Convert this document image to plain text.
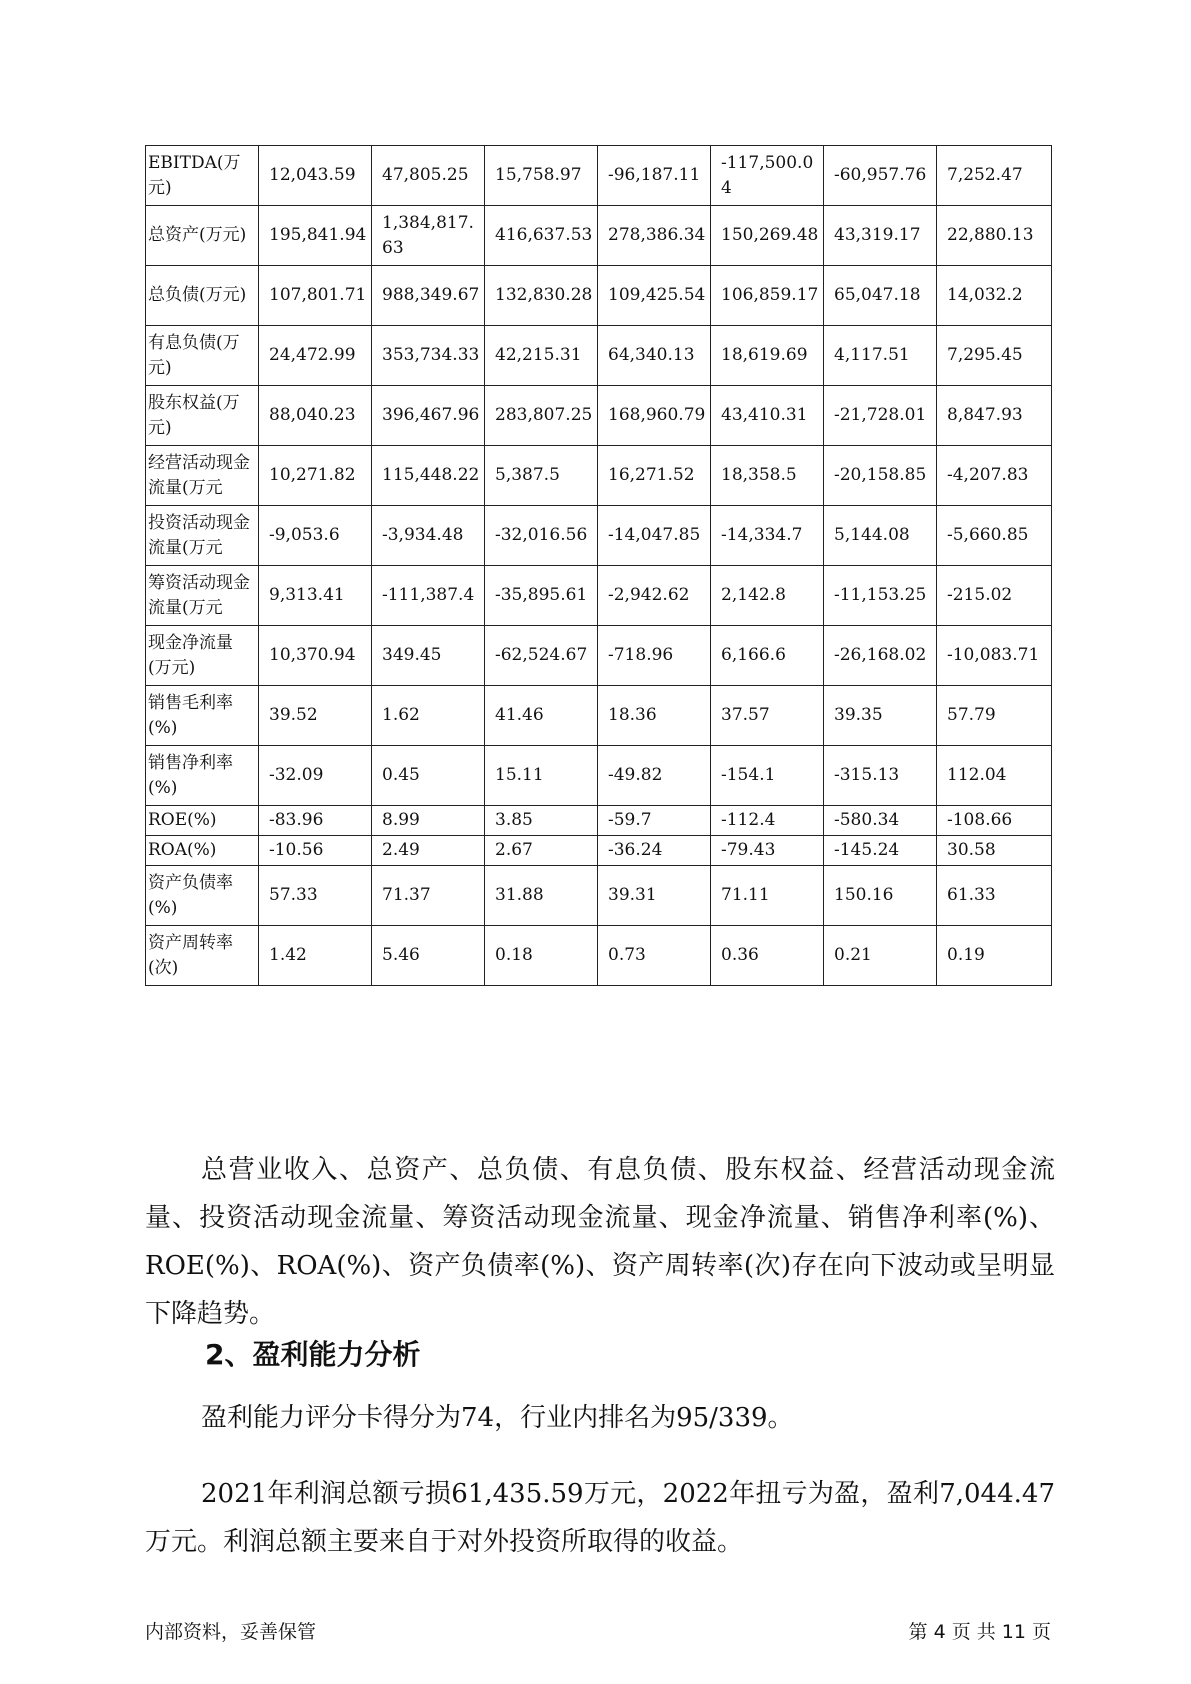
EBITDA(万元)	12,043.59	47,805.25	15,758.97	-96,187.11	-117,500.04	-60,957.76	7,252.47
总资产(万元)	195,841.94	1,384,817.63	416,637.53	278,386.34	150,269.48	43,319.17	22,880.13
总负债(万元)	107,801.71	988,349.67	132,830.28	109,425.54	106,859.17	65,047.18	14,032.2
有息负债(万元)	24,472.99	353,734.33	42,215.31	64,340.13	18,619.69	4,117.51	7,295.45
股东权益(万元)	88,040.23	396,467.96	283,807.25	168,960.79	43,410.31	-21,728.01	8,847.93
经营活动现金流量(万元	10,271.82	115,448.22	5,387.5	16,271.52	18,358.5	-20,158.85	-4,207.83
投资活动现金流量(万元	-9,053.6	-3,934.48	-32,016.56	-14,047.85	-14,334.7	5,144.08	-5,660.85
筹资活动现金流量(万元	9,313.41	-111,387.4	-35,895.61	-2,942.62	2,142.8	-11,153.25	-215.02
现金净流量(万元)	10,370.94	349.45	-62,524.67	-718.96	6,166.6	-26,168.02	-10,083.71
销售毛利率(%)	39.52	1.62	41.46	18.36	37.57	39.35	57.79
销售净利率(%)	-32.09	0.45	15.11	-49.82	-154.1	-315.13	112.04
ROE(%)	-83.96	8.99	3.85	-59.7	-112.4	-580.34	-108.66
ROA(%)	-10.56	2.49	2.67	-36.24	-79.43	-145.24	30.58
资产负债率(%)	57.33	71.37	31.88	39.31	71.11	150.16	61.33
资产周转率(次)	1.42	5.46	0.18	0.73	0.36	0.21	0.19

总营业收入、总资产、总负债、有息负债、股东权益、经营活动现金流量、投资活动现金流量、筹资活动现金流量、现金净流量、销售净利率(%)、ROE(%)、ROA(%)、资产负债率(%)、资产周转率(次)存在向下波动或呈明显下降趋势。

2、盈利能力分析

盈利能力评分卡得分为74，行业内排名为95/339。

2021年利润总额亏损61,435.59万元，2022年扭亏为盈，盈利7,044.47万元。利润总额主要来自于对外投资所取得的收益。

内部资料，妥善保管	第 4 页 共 11 页
